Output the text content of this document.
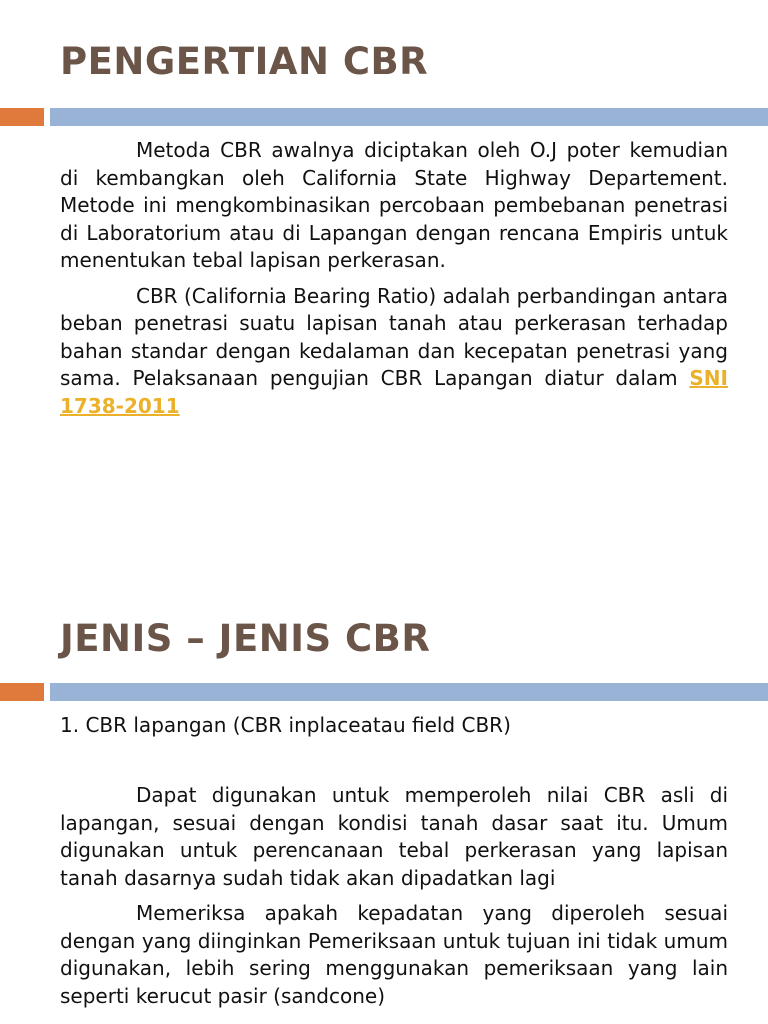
PENGERTIAN CBR

Metoda CBR awalnya diciptakan oleh O.J poter kemudian di kembangkan oleh California State Highway Departement. Metode ini mengkombinasikan percobaan pembebanan penetrasi di Laboratorium atau di Lapangan dengan rencana Empiris untuk menentukan tebal lapisan perkerasan.

CBR (California Bearing Ratio) adalah perbandingan antara beban penetrasi suatu lapisan tanah atau perkerasan terhadap bahan standar dengan kedalaman dan kecepatan penetrasi yang sama. Pelaksanaan pengujian CBR Lapangan diatur dalam SNI 1738-2011

JENIS – JENIS CBR

1. CBR lapangan (CBR inplaceatau field CBR)

Dapat digunakan untuk memperoleh nilai CBR asli di lapangan, sesuai dengan kondisi tanah dasar saat itu. Umum digunakan untuk perencanaan tebal perkerasan yang lapisan tanah dasarnya sudah tidak akan dipadatkan lagi

Memeriksa apakah kepadatan yang diperoleh sesuai dengan yang diinginkan Pemeriksaan untuk tujuan ini tidak umum digunakan, lebih sering menggunakan pemeriksaan yang lain seperti kerucut pasir (sandcone)
